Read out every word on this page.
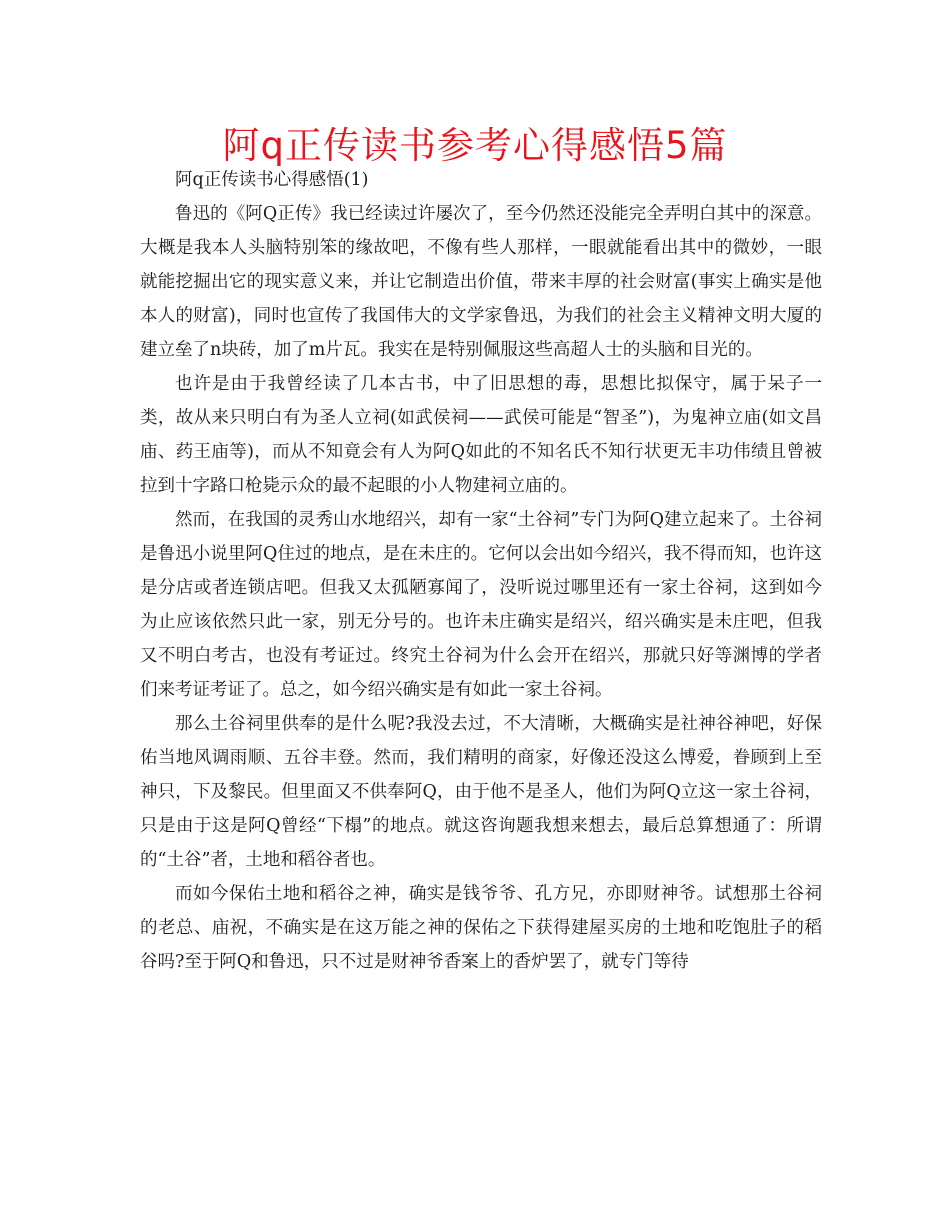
阿q正传读书参考心得感悟5篇

阿q正传读书心得感悟(1)

鲁迅的《阿Q正传》我已经读过许屡次了，至今仍然还没能完全弄明白其中的深意。大概是我本人头脑特别笨的缘故吧，不像有些人那样，一眼就能看出其中的微妙，一眼就能挖掘出它的现实意义来，并让它制造出价值，带来丰厚的社会财富(事实上确实是他本人的财富)，同时也宣传了我国伟大的文学家鲁迅，为我们的社会主义精神文明大厦的建立垒了n块砖，加了m片瓦。我实在是特别佩服这些高超人士的头脑和目光的。

也许是由于我曾经读了几本古书，中了旧思想的毒，思想比拟保守，属于呆子一类，故从来只明白有为圣人立祠(如武侯祠——武侯可能是“智圣”)，为鬼神立庙(如文昌庙、药王庙等)，而从不知竟会有人为阿Q如此的不知名氏不知行状更无丰功伟绩且曾被拉到十字路口枪毙示众的最不起眼的小人物建祠立庙的。

然而，在我国的灵秀山水地绍兴，却有一家“土谷祠”专门为阿Q建立起来了。土谷祠是鲁迅小说里阿Q住过的地点，是在未庄的。它何以会出如今绍兴，我不得而知，也许这是分店或者连锁店吧。但我又太孤陋寡闻了，没听说过哪里还有一家土谷祠，这到如今为止应该依然只此一家，别无分号的。也许未庄确实是绍兴，绍兴确实是未庄吧，但我又不明白考古，也没有考证过。终究土谷祠为什么会开在绍兴，那就只好等渊博的学者们来考证考证了。总之，如今绍兴确实是有如此一家土谷祠。

那么土谷祠里供奉的是什么呢?我没去过，不大清晰，大概确实是社神谷神吧，好保佑当地风调雨顺、五谷丰登。然而，我们精明的商家，好像还没这么博爱，眷顾到上至神只，下及黎民。但里面又不供奉阿Q，由于他不是圣人，他们为阿Q立这一家土谷祠，只是由于这是阿Q曾经“下榻”的地点。就这咨询题我想来想去，最后总算想通了：所谓的“土谷”者，土地和稻谷者也。

而如今保佑土地和稻谷之神，确实是钱爷爷、孔方兄，亦即财神爷。试想那土谷祠的老总、庙祝，不确实是在这万能之神的保佑之下获得建屋买房的土地和吃饱肚子的稻谷吗?至于阿Q和鲁迅，只不过是财神爷香案上的香炉罢了，就专门等待
